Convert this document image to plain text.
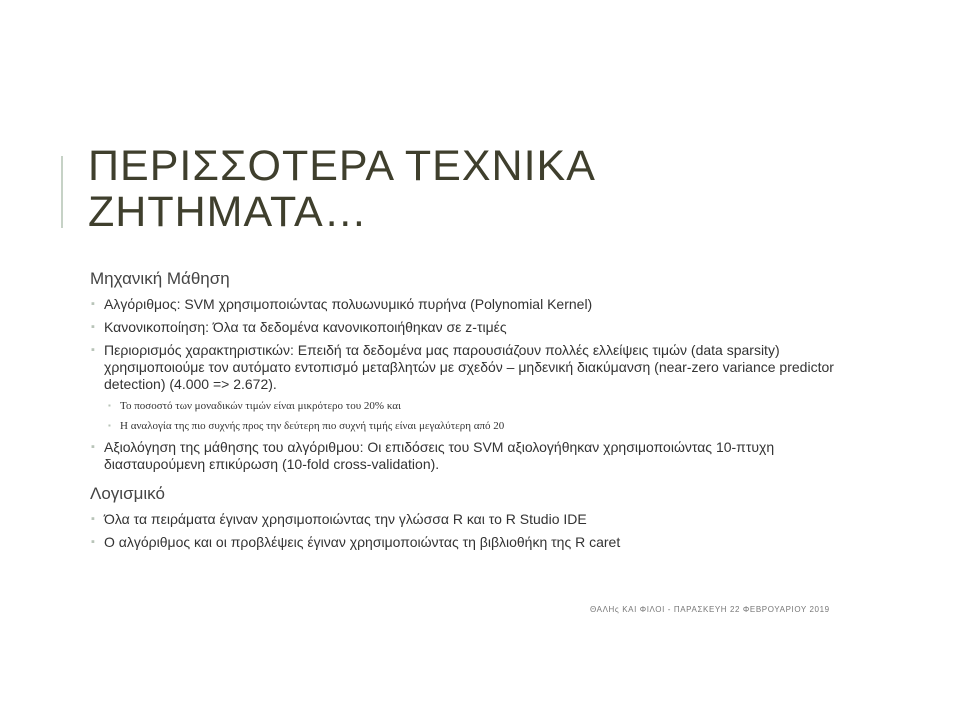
ΠΕΡΙΣΣΟΤΕΡΑ ΤΕΧΝΙΚΑ
ΖΗΤΗΜΑΤΑ…
Μηχανική Μάθηση
▪ Αλγόριθμος: SVM χρησιμοποιώντας πολυωνυμικό πυρήνα (Polynomial Kernel)
▪ Κανονικοποίηση: Όλα τα δεδομένα κανονικοποιήθηκαν σε z-τιμές
▪ Περιορισμός χαρακτηριστικών: Επειδή τα δεδομένα μας παρουσιάζουν πολλές ελλείψεις τιμών (data sparsity) χρησιμοποιούμε τον αυτόματο εντοπισμό μεταβλητών με σχεδόν – μηδενική διακύμανση (near-zero variance predictor detection) (4.000 => 2.672).
▪ Το ποσοστό των μοναδικών τιμών είναι μικρότερο του 20% και
▪ Η αναλογία της πιο συχνής προς την δεύτερη πιο συχνή τιμής είναι μεγαλύτερη από 20
▪ Αξιολόγηση της μάθησης του αλγόριθμου: Οι επιδόσεις του SVM αξιολογήθηκαν χρησιμοποιώντας 10-πτυχη διασταυρούμενη επικύρωση (10-fold cross-validation).
Λογισμικό
▪ Όλα τα πειράματα έγιναν χρησιμοποιώντας την γλώσσα R και το R Studio IDE
▪ Ο αλγόριθμος και οι προβλέψεις έγιναν χρησιμοποιώντας τη βιβλιοθήκη της R caret
ΘΑΛΗς ΚΑΙ ΦΙΛΟΙ - ΠΑΡΑΣΚΕΥΗ 22 ΦΕΒΡΟΥΑΡΙΟΥ 2019
